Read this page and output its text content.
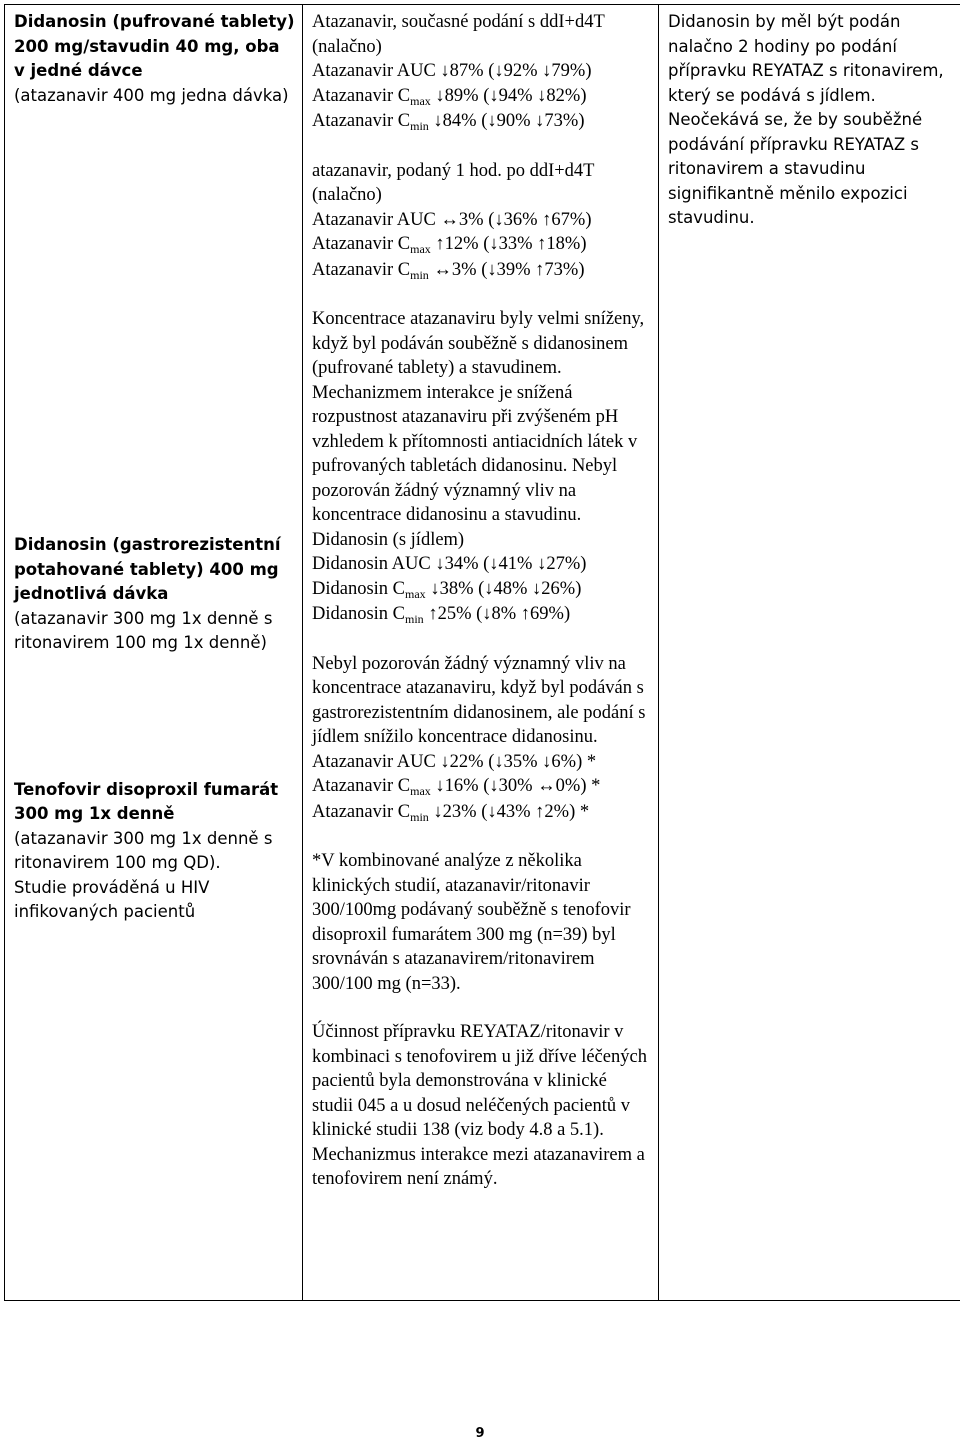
Didanosin (pufrované tablety) 200 mg/stavudin 40 mg, oba v jedné dávce
(atazanavir 400 mg jedna dávka)
Didanosin (gastrorezistentní potahované tablety) 400 mg jednotlivá dávka
(atazanavir 300 mg 1x denně s ritonavirem 100 mg 1x denně)
Tenofovir disoproxil fumarát 300 mg 1x denně
(atazanavir 300 mg 1x denně s ritonavirem 100 mg QD).
Studie prováděná u HIV infikovaných pacientů

Atazanavir, současné podání s ddI+d4T (nalačno)
Atazanavir AUC ↓87% (↓92% ↓79%)
Atazanavir $C_{max}$ ↓89% (↓94% ↓82%)
Atazanavir $C_{min}$ ↓84% (↓90% ↓73%)
atazanavir, podaný 1 hod. po ddI+d4T (nalačno)
Atazanavir AUC ↔3% (↓36% ↑67%)
Atazanavir $C_{max}$ ↑12% (↓33% ↑18%)
Atazanavir $C_{min}$ ↔3% (↓39% ↑73%)
Koncentrace atazanaviru byly velmi sníženy, když byl podáván souběžně s didanosinem (pufrované tablety) a stavudinem. Mechanizmem interakce je snížená rozpustnost atazanaviru při zvýšeném pH vzhledem k přítomnosti antiacidních látek v pufrovaných tabletách didanosinu. Nebyl pozorován žádný významný vliv na koncentrace didanosinu a stavudinu.
Didanosin (s jídlem)
Didanosin AUC ↓34% (↓41% ↓27%)
Didanosin $C_{max}$ ↓38% (↓48% ↓26%)
Didanosin $C_{min}$ ↑25% (↓8% ↑69%)
Nebyl pozorován žádný významný vliv na koncentrace atazanaviru, když byl podáván s gastrorezistentním didanosinem, ale podání s jídlem snížilo koncentrace didanosinu.
Atazanavir AUC ↓22% (↓35% ↓6%) *
Atazanavir $C_{max}$ ↓16% (↓30% ↔0%) *
Atazanavir $C_{min}$ ↓23% (↓43% ↑2%) *
*V kombinované analýze z několika klinických studií, atazanavir/ritonavir 300/100mg podávaný souběžně s tenofovir disoproxil fumarátem 300 mg (n=39) byl srovnáván s atazanavirem/ritonavirem 300/100 mg (n=33).
Účinnost přípravku REYATAZ/ritonavir v kombinaci s tenofovirem u již dříve léčených pacientů byla demonstrována v klinické studii 045 a u dosud neléčených pacientů v klinické studii 138 (viz body 4.8 a 5.1). Mechanizmus interakce mezi atazanavirem a tenofovirem není známý.

Didanosin by měl být podán nalačno 2 hodiny po podání přípravku REYATAZ s ritonavirem, který se podává s jídlem. Neočekává se, že by souběžné podávání přípravku REYATAZ s ritonavirem a stavudinu signifikantně měnilo expozici stavudinu.
9
